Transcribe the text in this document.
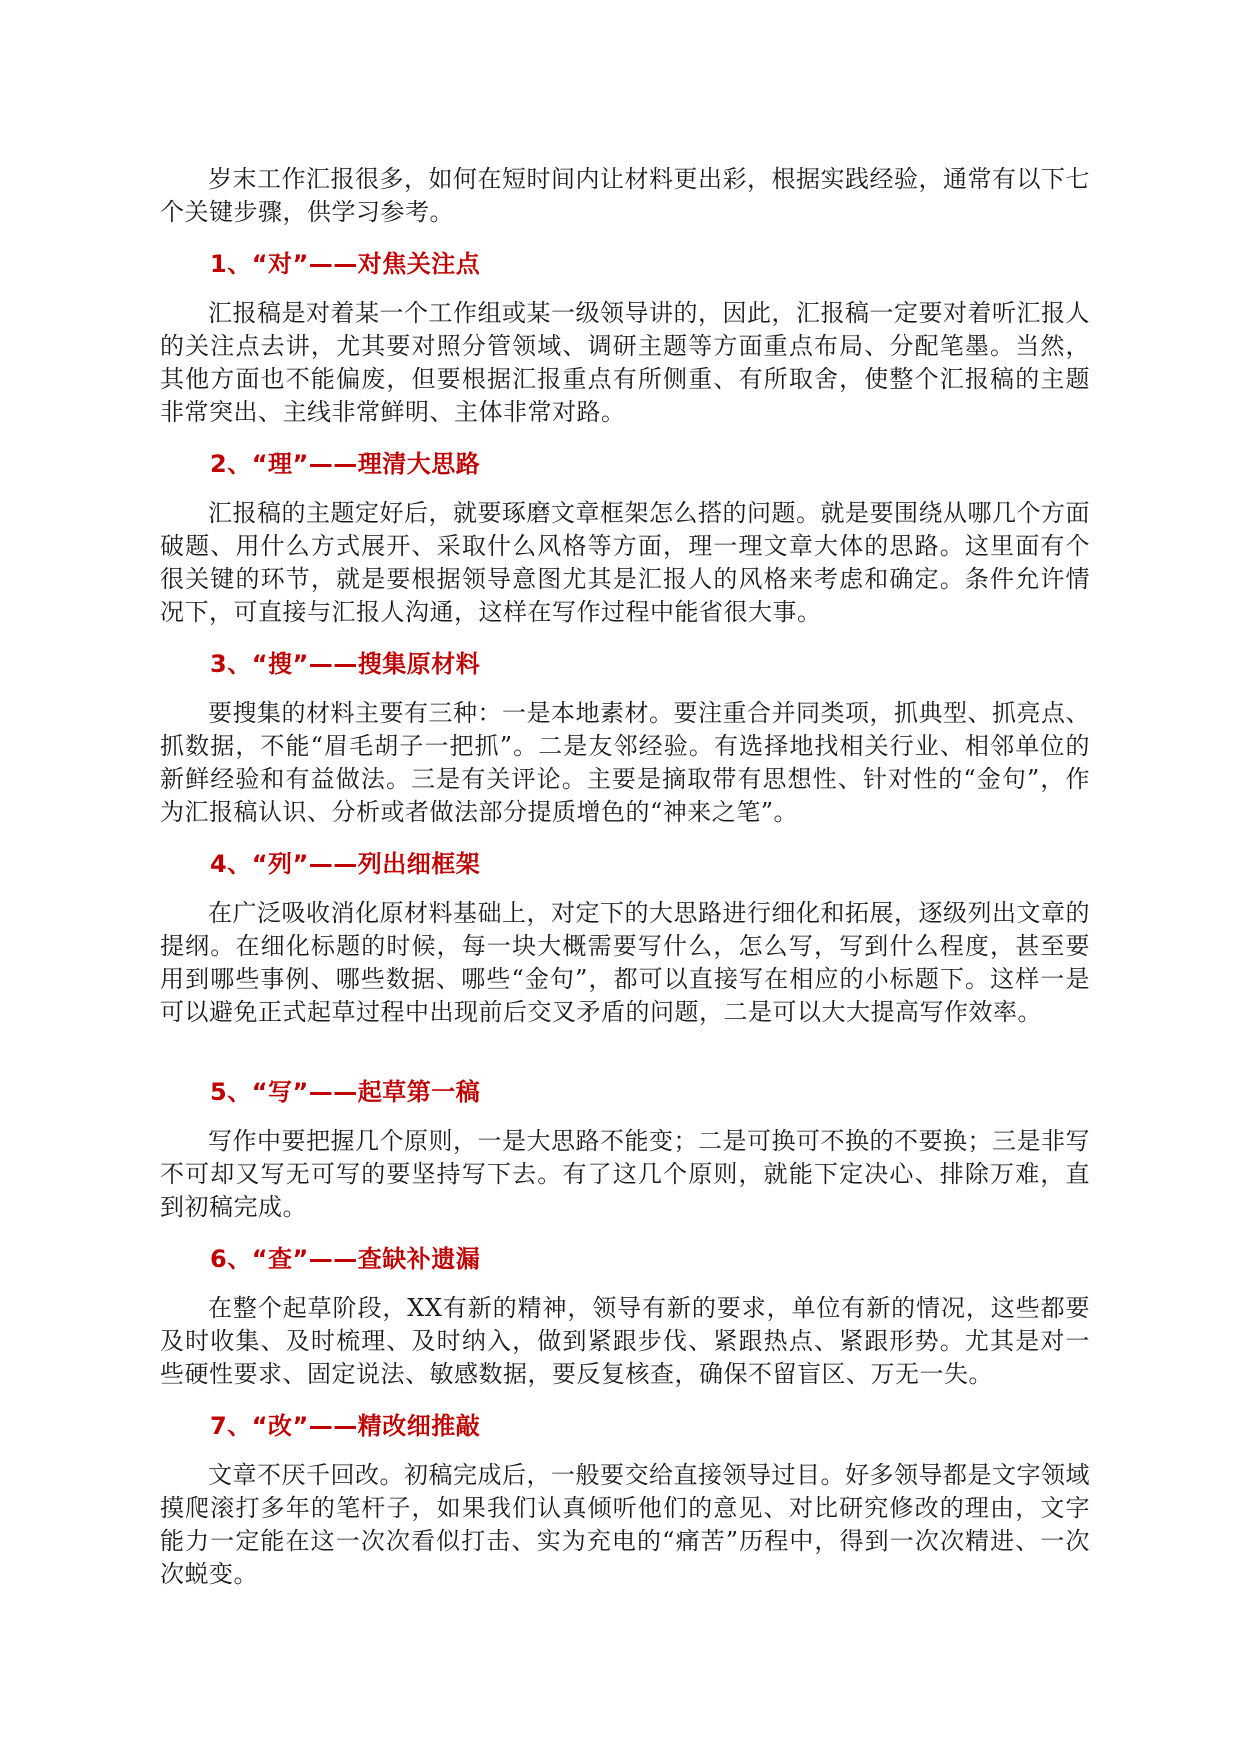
岁末工作汇报很多，如何在短时间内让材料更出彩，根据实践经验，通常有以下七个关键步骤，供学习参考。

1、“对”——对焦关注点

汇报稿是对着某一个工作组或某一级领导讲的，因此，汇报稿一定要对着听汇报人的关注点去讲，尤其要对照分管领域、调研主题等方面重点布局、分配笔墨。当然，其他方面也不能偏废，但要根据汇报重点有所侧重、有所取舍，使整个汇报稿的主题非常突出、主线非常鲜明、主体非常对路。

2、“理”——理清大思路

汇报稿的主题定好后，就要琢磨文章框架怎么搭的问题。就是要围绕从哪几个方面破题、用什么方式展开、采取什么风格等方面，理一理文章大体的思路。这里面有个很关键的环节，就是要根据领导意图尤其是汇报人的风格来考虑和确定。条件允许情况下，可直接与汇报人沟通，这样在写作过程中能省很大事。

3、“搜”——搜集原材料

要搜集的材料主要有三种：一是本地素材。要注重合并同类项，抓典型、抓亮点、抓数据，不能“眉毛胡子一把抓”。二是友邻经验。有选择地找相关行业、相邻单位的新鲜经验和有益做法。三是有关评论。主要是摘取带有思想性、针对性的“金句”，作为汇报稿认识、分析或者做法部分提质增色的“神来之笔”。

4、“列”——列出细框架

在广泛吸收消化原材料基础上，对定下的大思路进行细化和拓展，逐级列出文章的提纲。在细化标题的时候，每一块大概需要写什么，怎么写，写到什么程度，甚至要用到哪些事例、哪些数据、哪些“金句”，都可以直接写在相应的小标题下。这样一是可以避免正式起草过程中出现前后交叉矛盾的问题，二是可以大大提高写作效率。

5、“写”——起草第一稿

写作中要把握几个原则，一是大思路不能变；二是可换可不换的不要换；三是非写不可却又写无可写的要坚持写下去。有了这几个原则，就能下定决心、排除万难，直到初稿完成。

6、“查”——查缺补遗漏

在整个起草阶段，XX有新的精神，领导有新的要求，单位有新的情况，这些都要及时收集、及时梳理、及时纳入，做到紧跟步伐、紧跟热点、紧跟形势。尤其是对一些硬性要求、固定说法、敏感数据，要反复核查，确保不留盲区、万无一失。

7、“改”——精改细推敲

文章不厌千回改。初稿完成后，一般要交给直接领导过目。好多领导都是文字领域摸爬滚打多年的笔杆子，如果我们认真倾听他们的意见、对比研究修改的理由，文字能力一定能在这一次次看似打击、实为充电的“痛苦”历程中，得到一次次精进、一次次蜕变。
